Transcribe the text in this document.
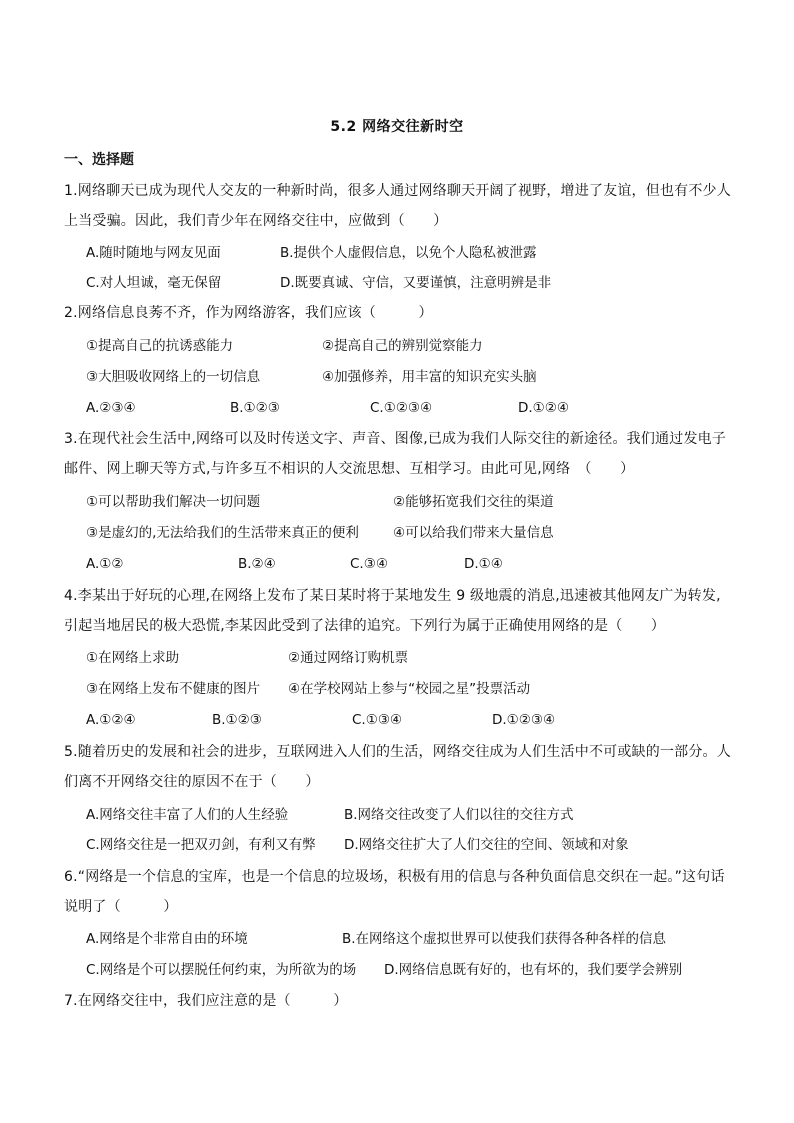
5.2 网络交往新时空
一、选择题
1.网络聊天已成为现代人交友的一种新时尚，很多人通过网络聊天开阔了视野，增进了友谊，但也有不少人上当受骗。因此，我们青少年在网络交往中，应做到（　　）
A.随时随地与网友见面	B.提供个人虚假信息，以免个人隐私被泄露
C.对人坦诚，毫无保留	D.既要真诚、守信，又要谨慎，注意明辨是非
2.网络信息良莠不齐，作为网络游客，我们应该（　　　）
①提高自己的抗诱惑能力	②提高自己的辨别觉察能力
③大胆吸收网络上的一切信息	④加强修养，用丰富的知识充实头脑
A.②③④	B.①②③	C.①②③④	D.①②④
3.在现代社会生活中,网络可以及时传送文字、声音、图像,已成为我们人际交往的新途径。我们通过发电子邮件、网上聊天等方式,与许多互不相识的人交流思想、互相学习。由此可见,网络　（　　）
①可以帮助我们解决一切问题	②能够拓宽我们交往的渠道
③是虚幻的,无法给我们的生活带来真正的便利	④可以给我们带来大量信息
A.①②	B.②④	C.③④	D.①④
4.李某出于好玩的心理,在网络上发布了某日某时将于某地发生 9 级地震的消息,迅速被其他网友广为转发,引起当地居民的极大恐慌,李某因此受到了法律的追究。下列行为属于正确使用网络的是（　　）
①在网络上求助	②通过网络订购机票
③在网络上发布不健康的图片 ④在学校网站上参与“校园之星”投票活动
A.①②④	B.①②③	C.①③④	D.①②③④
5.随着历史的发展和社会的进步，互联网进入人们的生活，网络交往成为人们生活中不可或缺的一部分。人们离不开网络交往的原因不在于（　　）
A.网络交往丰富了人们的人生经验	B.网络交往改变了人们以往的交往方式
C.网络交往是一把双刃剑，有利又有弊 D.网络交往扩大了人们交往的空间、领域和对象
6.“网络是一个信息的宝库，也是一个信息的垃圾场，积极有用的信息与各种负面信息交织在一起。”这句话说明了（　　　）
A.网络是个非常自由的环境	B.在网络这个虚拟世界可以使我们获得各种各样的信息
C.网络是个可以摆脱任何约束，为所欲为的场 D.网络信息既有好的，也有坏的，我们要学会辨别
7.在网络交往中，我们应注意的是（　　　）
